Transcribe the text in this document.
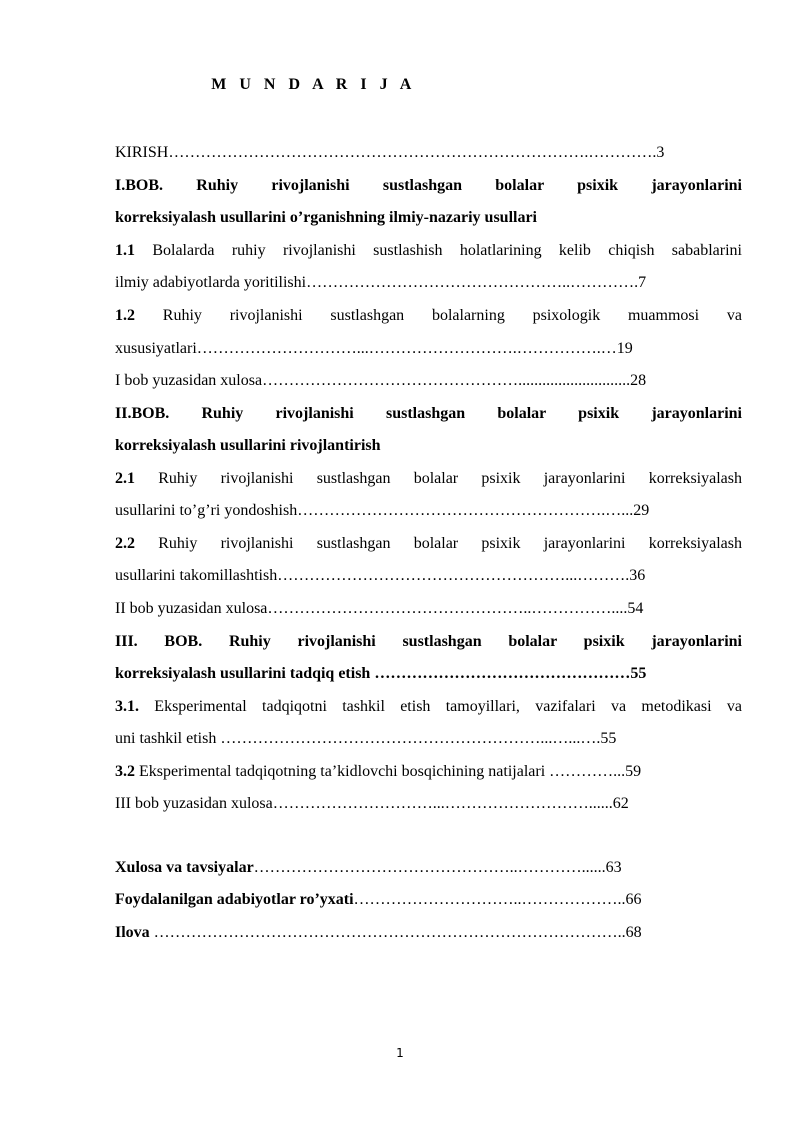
M U N D A R I J A
KIRISH…………………………………………………………………….………….3
I.BOB. Ruhiy rivojlanishi sustlashgan bolalar psixik jarayonlarini
korreksiyalash usullarini o’rganishning ilmiy-nazariy usullari
1.1 Bolalarda ruhiy rivojlanishi sustlashish holatlarining kelib chiqish sabablarini
ilmiy adabiyotlarda yoritilishi…………………………………………..………….7
1.2 Ruhiy rivojlanishi sustlashgan bolalarning psixologik muammosi va
xususiyatlari…………………………...……………………….…………….…19
I bob yuzasidan xulosa…………………………………………............................28
II.BOB. Ruhiy rivojlanishi sustlashgan bolalar psixik jarayonlarini
korreksiyalash usullarini rivojlantirish
2.1 Ruhiy rivojlanishi sustlashgan bolalar psixik jarayonlarini korreksiyalash
usullarini to’g’ri yondoshish………………………………………………….…...29
2.2 Ruhiy rivojlanishi sustlashgan bolalar psixik jarayonlarini korreksiyalash
usullarini takomillashtish………………………………………………...……….36
II bob yuzasidan xulosa…………………………………………..……………....54
III. BOB. Ruhiy rivojlanishi sustlashgan bolalar psixik jarayonlarini
korreksiyalash usullarini tadqiq etish …………………………………………55
3.1. Eksperimental tadqiqotni tashkil etish tamoyillari, vazifalari va metodikasi va
uni tashkil etish ……………………………………………………...…...….55
3.2 Eksperimental tadqiqotning ta’kidlovchi bosqichining natijalari …………...59
III bob yuzasidan xulosa…………………………...………………………......62
Xulosa va tavsiyalar…………………………………………..…………......63
Foydalanilgan adabiyotlar ro’yxati…………………………..………………..66
Ilova ……………………………………………………………………………..68
1
